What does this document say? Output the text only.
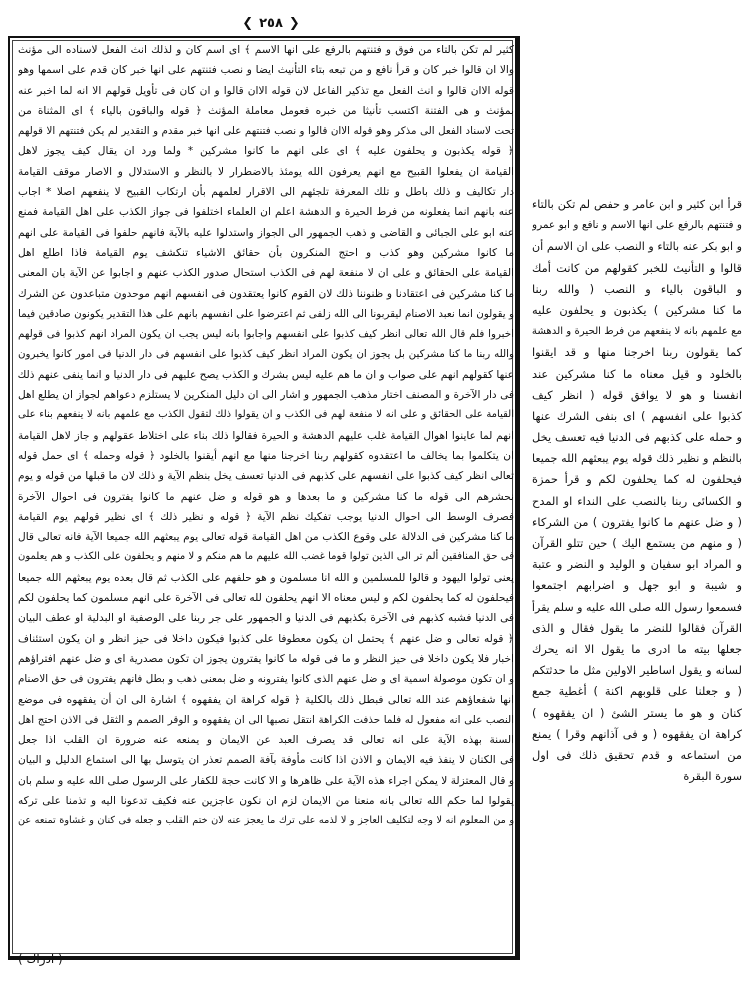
❮ ٢٥٨ ❯
كثير لم تكن بالتاء من فوق و فتنتهم بالرفع على انها الاسم ﴾ اى اسم كان و لذلك انث الفعل لاسناده الى مؤنث
والا ان قالوا خبر كان و قرأ نافع و من تبعه بتاء التأنيث ايضا و نصب فتنتهم على انها خبر كان قدم على اسمها وهو
قوله الاان قالوا و انث الفعل مع تذكير الفاعل لان قوله الاان قالوا و ان كان فى تأويل قولهم الا انه لما اخبر عنه
بمؤنث و هى الفتنة اكتسب تأنيثا من خبره فعومل معاملة المؤنث ﴿ قوله والباقون بالياء ﴾ اى المثناة من
تحت لاسناد الفعل الى مذكر وهو قوله الاان قالوا و نصب فتنتهم على انها خبر مقدم و التقدير لم يكن فتنتهم الا قولهم
﴿ قوله يكذبون و يحلفون عليه ﴾ اى على انهم ما كانوا مشركين * ولما ورد ان يقال كيف يجوز لاهل
القيامة ان يفعلوا القبيح مع انهم يعرفون الله يومئذ بالاضطرار لا بالنظر و الاستدلال و الاصار موقف القيامة
دار تكاليف و ذلك باطل و تلك المعرفة تلجئهم الى الاقرار لعلمهم بأن ارتكاب القبيح لا ينفعهم اصلا * اجاب
عنه بانهم انما يفعلونه من فرط الحيرة و الدهشة اعلم ان العلماء اختلفوا فى جواز الكذب على اهل القيامة فمنع
عنه ابو على الجبائى و القاضى و ذهب الجمهور الى الجواز واستدلوا عليه بالآية فانهم حلفوا فى القيامة على انهم
ما كانوا مشركين وهو كذب و احتج المنكرون بأن حقائق الاشياء تنكشف يوم القيامة فاذا اطلع اهل
القيامة على الحقائق و على ان لا منفعة لهم فى الكذب استحال صدور الكذب عنهم و اجابوا عن الآية بان المعنى
ما كنا مشركين فى اعتقادنا و ظنوننا ذلك لان القوم كانوا يعتقدون فى انفسهم انهم موحدون متباعدون عن الشرك
و يقولون انما نعبد الاصنام ليقربونا الى الله زلفى ثم اعترضوا على انفسهم بانهم على هذا التقدير يكونون صادقين فيما
اخبروا فلم قال الله تعالى انظر كيف كذبوا على انفسهم واجابوا بانه ليس يجب ان يكون المراد انهم كذبوا فى قولهم
والله ربنا ما كنا مشركين بل يجوز ان يكون المراد انظر كيف كذبوا على انفسهم فى دار الدنيا فى امور كانوا يخبرون
عنها كقولهم انهم على صواب و ان ما هم عليه ليس بشرك و الكذب يصح عليهم فى دار الدنيا و انما ينفى عنهم ذلك
فى دار الآخرة و المصنف اختار مذهب الجمهور و اشار الى ان دليل المنكرين لا يستلزم دعواهم لجواز ان يطلع اهل
القيامة على الحقائق و على انه لا منفعة لهم فى الكذب و ان يقولوا ذلك لتقول الكذب مع علمهم بانه لا ينفعهم بناء على
انهم لما عاينوا اهوال القيامة غلب عليهم الدهشة و الحيرة فقالوا ذلك بناء على اختلاط عقولهم و جاز لاهل القيامة
ان يتكلموا بما يخالف ما اعتقدوه كقولهم ربنا اخرجنا منها مع انهم أيقنوا بالخلود ﴿ قوله وحمله ﴾ اى حمل قوله
تعالى انظر كيف كذبوا على انفسهم على كذبهم فى الدنيا تعسف يخل بنظم الآية و ذلك لان ما قبلها من قوله و يوم
نحشرهم الى قوله ما كنا مشركين و ما بعدها و هو قوله و ضل عنهم ما كانوا يفترون فى احوال الآخرة
فصرف الوسط الى احوال الدنيا يوجب تفكيك نظم الآية ﴿ قوله و نظير ذلك ﴾ اى نظير قولهم يوم القيامة
ما كنا مشركين فى الدلالة على وقوع الكذب من اهل القيامة قوله تعالى يوم يبعثهم الله جميعا الآية فانه تعالى قال
فى حق المنافقين ألم تر الى الذين تولوا قوما غضب الله عليهم ما هم منكم و لا منهم و يحلفون على الكذب و هم يعلمون
يعنى تولوا اليهود و قالوا للمسلمين و الله انا مسلمون و هو حلفهم على الكذب ثم قال بعده يوم يبعثهم الله جميعا
فيحلفون له كما يحلفون لكم و ليس معناه الا انهم يحلفون لله تعالى فى الآخرة على انهم مسلمون كما يحلفون لكم
فى الدنيا فشبه كذبهم فى الآخرة بكذبهم فى الدنيا و الجمهور على جر ربنا على الوصفية او البدلية او عطف البيان
﴿ قوله تعالى و ضل عنهم ﴾ يحتمل ان يكون معطوفا على كذبوا فيكون داخلا فى حيز انظر و ان يكون استئناف
اخبار فلا يكون داخلا فى حيز النظر و ما فى قوله ما كانوا يفترون يجوز ان تكون مصدرية اى و ضل عنهم افتراؤهم
و ان تكون موصولة اسمية اى و ضل عنهم الذى كانوا يفترونه و ضل بمعنى ذهب و بطل فانهم يفترون فى حق الاصنام
انها شفعاؤهم عند الله تعالى فبطل ذلك بالكلية ﴿ قوله كراهة ان يفقهوه ﴾ اشارة الى ان أن يفقهوه فى موضع
النصب على انه مفعول له فلما حذفت الكراهة انتقل نصبها الى ان يفقهوه و الوقر الصمم و الثقل فى الاذن احتج اهل
السنة بهذه الآية على انه تعالى قد يصرف العبد عن الايمان و يمنعه عنه ضرورة ان القلب اذا جعل
فى الكنان لا ينفذ فيه الايمان و الاذن اذا كانت مأوفة بآفة الصمم تعذر ان يتوسل بها الى استماع الدليل و البيان
و قال المعتزلة لا يمكن اجراء هذه الآية على ظاهرها و الا كانت حجة للكفار على الرسول صلى الله عليه و سلم بان
يقولوا لما حكم الله تعالى بانه منعنا من الايمان لزم ان نكون عاجزين عنه فكيف تدعونا اليه و تذمنا على تركه
و من المعلوم انه لا وجه لتكليف العاجز و لا لذمه على ترك ما يعجز عنه لان ختم القلب و جعله فى كنان و غشاوة تمنعه عن
قرأ ابن كثير و ابن عامر و حفص لم تكن بالتاء
و فتنتهم بالرفع على انها الاسم و نافع و ابو عمرو
و ابو بكر عنه بالتاء و النصب على ان الاسم أن
قالوا و التأنيث للخبر كقولهم من كانت أمك
و الباقون بالياء و النصب ( والله ربنا
ما كنا مشركين ) يكذبون و يحلفون عليه
مع علمهم بانه لا ينفعهم من فرط الحيرة و الدهشة
كما يقولون ربنا اخرجنا منها و قد ايقنوا
بالخلود و قيل معناه ما كنا مشركين عند
انفسنا و هو لا يوافق قوله ( انظر كيف
كذبوا على انفسهم ) اى بنفى الشرك عنها
و حمله على كذبهم فى الدنيا فيه تعسف يخل
بالنظم و نظير ذلك قوله يوم يبعثهم الله جميعا
فيحلفون له كما يحلفون لكم و قرأ حمزة
و الكسائى ربنا بالنصب على النداء او المدح
( و ضل عنهم ما كانوا يفترون ) من الشركاء
( و منهم من يستمع اليك ) حين تتلو القرآن
و المراد ابو سفيان و الوليد و النضر و عتبة
و شيبة و ابو جهل و اضرابهم اجتمعوا
فسمعوا رسول الله صلى الله عليه و سلم يقرأ
القرآن فقالوا للنضر ما يقول فقال و الذى
جعلها بيته ما ادرى ما يقول الا انه يحرك
لسانه و يقول اساطير الاولين مثل ما حدثتكم
( و جعلنا على قلوبهم اكنة ) أغطية جمع
كنان و هو ما يستر الشئ ( ان يفقهوه )
كراهة ان يفقهوه ( و فى آذانهم وقرا ) يمنع
من استماعه و قدم تحقيق ذلك فى اول
سورة البقرة
( ادراك )
